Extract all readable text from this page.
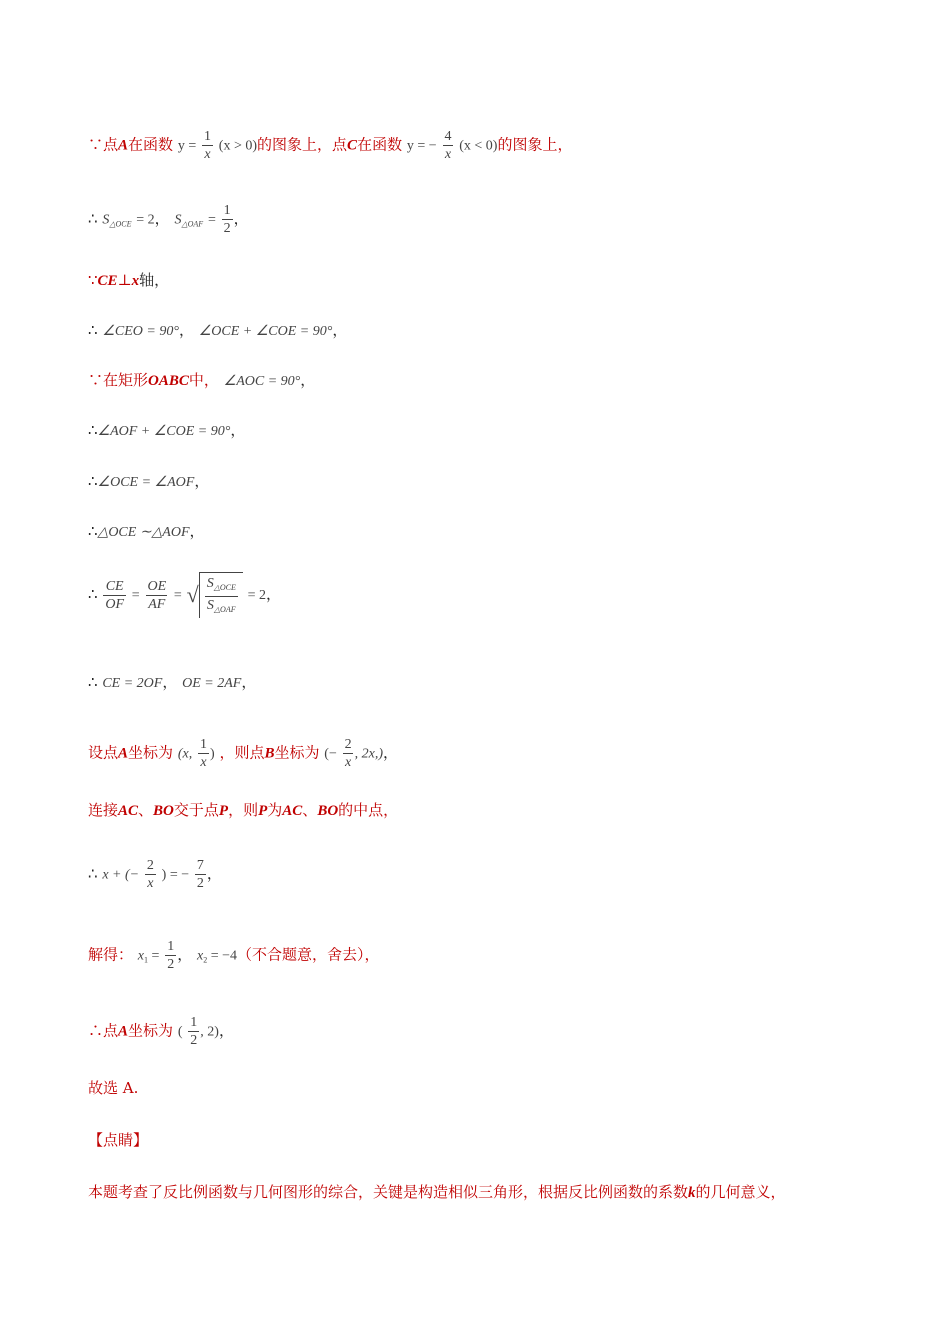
∵点A在函数 $y = \frac{1}{x} (x > 0)$的图象上，点C在函数 y = − $\frac{4}{x} (x < 0)$的图象上，
∴ $S_{\triangle OCE} = 2$， $S_{\triangle OAF} = \frac{1}{2}$ ，
∵CE⊥x轴，
∴ ∠CEO = 90°， ∠OCE + ∠COE = 90°，
∵在矩形OABC中， ∠AOC = 90°，
∴∠AOF + ∠COE = 90°，
∴∠OCE = ∠AOF，
∴△OCE ∼△AOF，
∴ $\frac{CE}{OF} = \frac{OE}{AF}$ = √ $\frac{S_{\triangle OCE}}{S_{\triangle OAF}} = 2$，
∴ CE = 2OF， OE = 2AF，
设点A坐标为 (x, $\frac{1}{x}$ ) ，则点B坐标为 (− $\frac{2}{x}$ , 2x,)，
连接AC、BO交于点P，则P为AC、BO的中点，
∴ x + (− $\frac{2}{x}$ ) = − $\frac{7}{2}$ ，
解得： $x_1 = \frac{1}{2}$ ， $x_2 = -4$（不合题意，舍去），
∴点A坐标为 ( $\frac{1}{2}$ , 2)，
故选 A.
【点睛】
本题考查了反比例函数与几何图形的综合，关键是构造相似三角形，根据反比例函数的系数k的几何意义，
